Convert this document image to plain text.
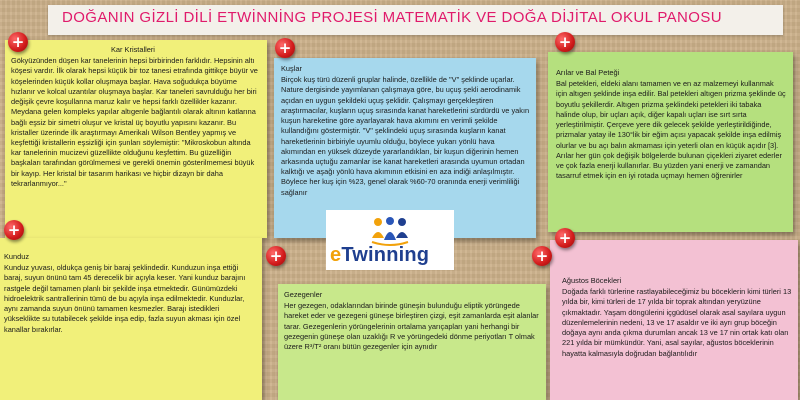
DOĞANIN GİZLİ DİLİ ETWİNNİNG PROJESİ MATEMATİK VE DOĞA DİJİTAL OKUL PANOSU
Kar Kristalleri
Gökyüzünden düşen kar tanelerinin hepsi birbirinden farklıdır. Hepsinin altı köşesi vardır. İlk olarak hepsi küçük bir toz tanesi etrafında gittikçe büyür ve köşelerinden küçük kollar oluşmaya başlar. Hava soğudukça büyüme hızlanır ve kolcal uzantılar oluşmaya başlar. Kar taneleri savrulduğu her biri değişik çevre koşullarına maruz kalır ve hepsi farklı özellikler kazanır. Meydana gelen kompleks yapılar altıgenle bağlantılı olarak altının katlarına bağlı eşsiz bir simetri oluşur ve kristal üç boyutlu yapısını kazanır. Bu kristaller üzerinde ilk araştırmayı Amerikalı Wilson Bentley yapmış ve keşfettiği kristallerin eşsizliği için şunları söylemiştir: "Mikroskobun altında kar tanelerinin mucizevi güzellikte olduğunu keşfettim. Bu güzelliğin başkaları tarafından görülmemesi ve gerekli önemin gösterilmemesi büyük bir kayıp. Her kristal bir tasarım harikası ve hiçbir dizayn bir daha tekrarlanmıyor..."
Kuşlar
Birçok kuş türü düzenli gruplar halinde, özellikle de "V" şeklinde uçarlar. Nature dergisinde yayımlanan çalışmaya göre, bu uçuş şekli aerodinamik açıdan en uygun şekildeki uçuş şeklidir. Çalışmayı gerçekleştiren araştırmacılar, kuşların uçuş sırasında kanat hareketlerini sürdürdü ve yakın kuşun hareketine göre ayarlayarak hava akımını en verimli şekilde kullandığını göstermiştir. "V" şeklindeki uçuş sırasında kuşların kanat hareketlerinin birbiriyle uyumlu olduğu, böylece yukarı yönlü hava akımından en yüksek düzeyde yararlandıkları, bir kuşun diğerinin hemen arkasında uçtuğu zamanlar ise kanat hareketleri arasında uyumun ortadan kalktığı ve aşağı yönlü hava akımının etkisini en aza indiği anlaşılmıştır. Böylece her kuş için %23, genel olarak %60-70 oranında enerji verimliliği sağlanır
Arılar ve Bal Peteği
Bal petekleri, eldeki alanı tamamen ve en az malzemeyi kullanmak için altıgen şeklinde inşa edilir. Bal petekleri altıgen prizma şeklinde üç boyutlu şekillerdir. Altıgen prizma şeklindeki petekleri iki tabaka halinde olup, bir uçları açık, diğer kapalı uçları ise sırt sırta yerleştirilmiştir. Çerçeve yere dik gelecek şekilde yerleştirildiğinde, prizmalar yatay ile 130°lik bir eğim açısı yapacak şekilde inşa edilmiş olurlar ve bu açı balın akmaması için yeterli olan en küçük açıdır [3]. Arılar her gün çok değişik bölgelerde bulunan çiçekleri ziyaret ederler ve çok fazla enerji kullanırlar. Bu yüzden yani enerji ve zamandan tasarruf etmek için en iyi rotada uçmayı hemen öğrenirler
Kunduz
Kunduz yuvası, oldukça geniş bir baraj şeklindedir. Kunduzun inşa ettiği baraj, suyun önünü tam 45 derecelik bir açıyla keser. Yani kunduz barajını rastgele değil tamamen planlı bir şekilde inşa etmektedir. Günümüzdeki hidroelektrik santrallerinin tümü de bu açıyla inşa edilmektedir. Kunduzlar, aynı zamanda suyun önünü tamamen kesmezler. Barajı istedikleri yükseklikte su tutabilecek şekilde inşa edip, fazla suyun akması için özel kanallar bırakırlar.
Gezegenler
Her gezegen, odaklarından birinde güneşin bulunduğu eliptik yörüngede hareket eder ve gezegeni güneşe birleştiren çizgi, eşit zamanlarda eşit alanlar tarar. Gezegenlerin yörüngelerinin ortalama yarıçapları yani herhangi bir gezegenin güneşe olan uzaklığı R ve yörüngedeki dönme periyotları T olmak üzere R³/T² oranı bütün gezegenler için aynıdır
Ağustos Böcekleri
Doğada farklı türlerine rastlayabileceğimiz bu böceklerin kimi türleri 13 yılda bir, kimi türleri de 17 yılda bir toprak altından yeryüzüne çıkmaktadır. Yaşam döngülerini içgüdüsel olarak asal sayılara uygun düzenlemelerinin nedeni, 13 ve 17 asaldır ve iki ayrı grup böceğin doğaya aynı anda çıkma durumları ancak 13 ve 17 nin ortak katı olan 221 yılda bir mümkündür. Yani, asal sayılar, ağustos böceklerinin hayatta kalmasıyla doğrudan bağlantılıdır
eTwinning
+	+	+
+
+	+
+
